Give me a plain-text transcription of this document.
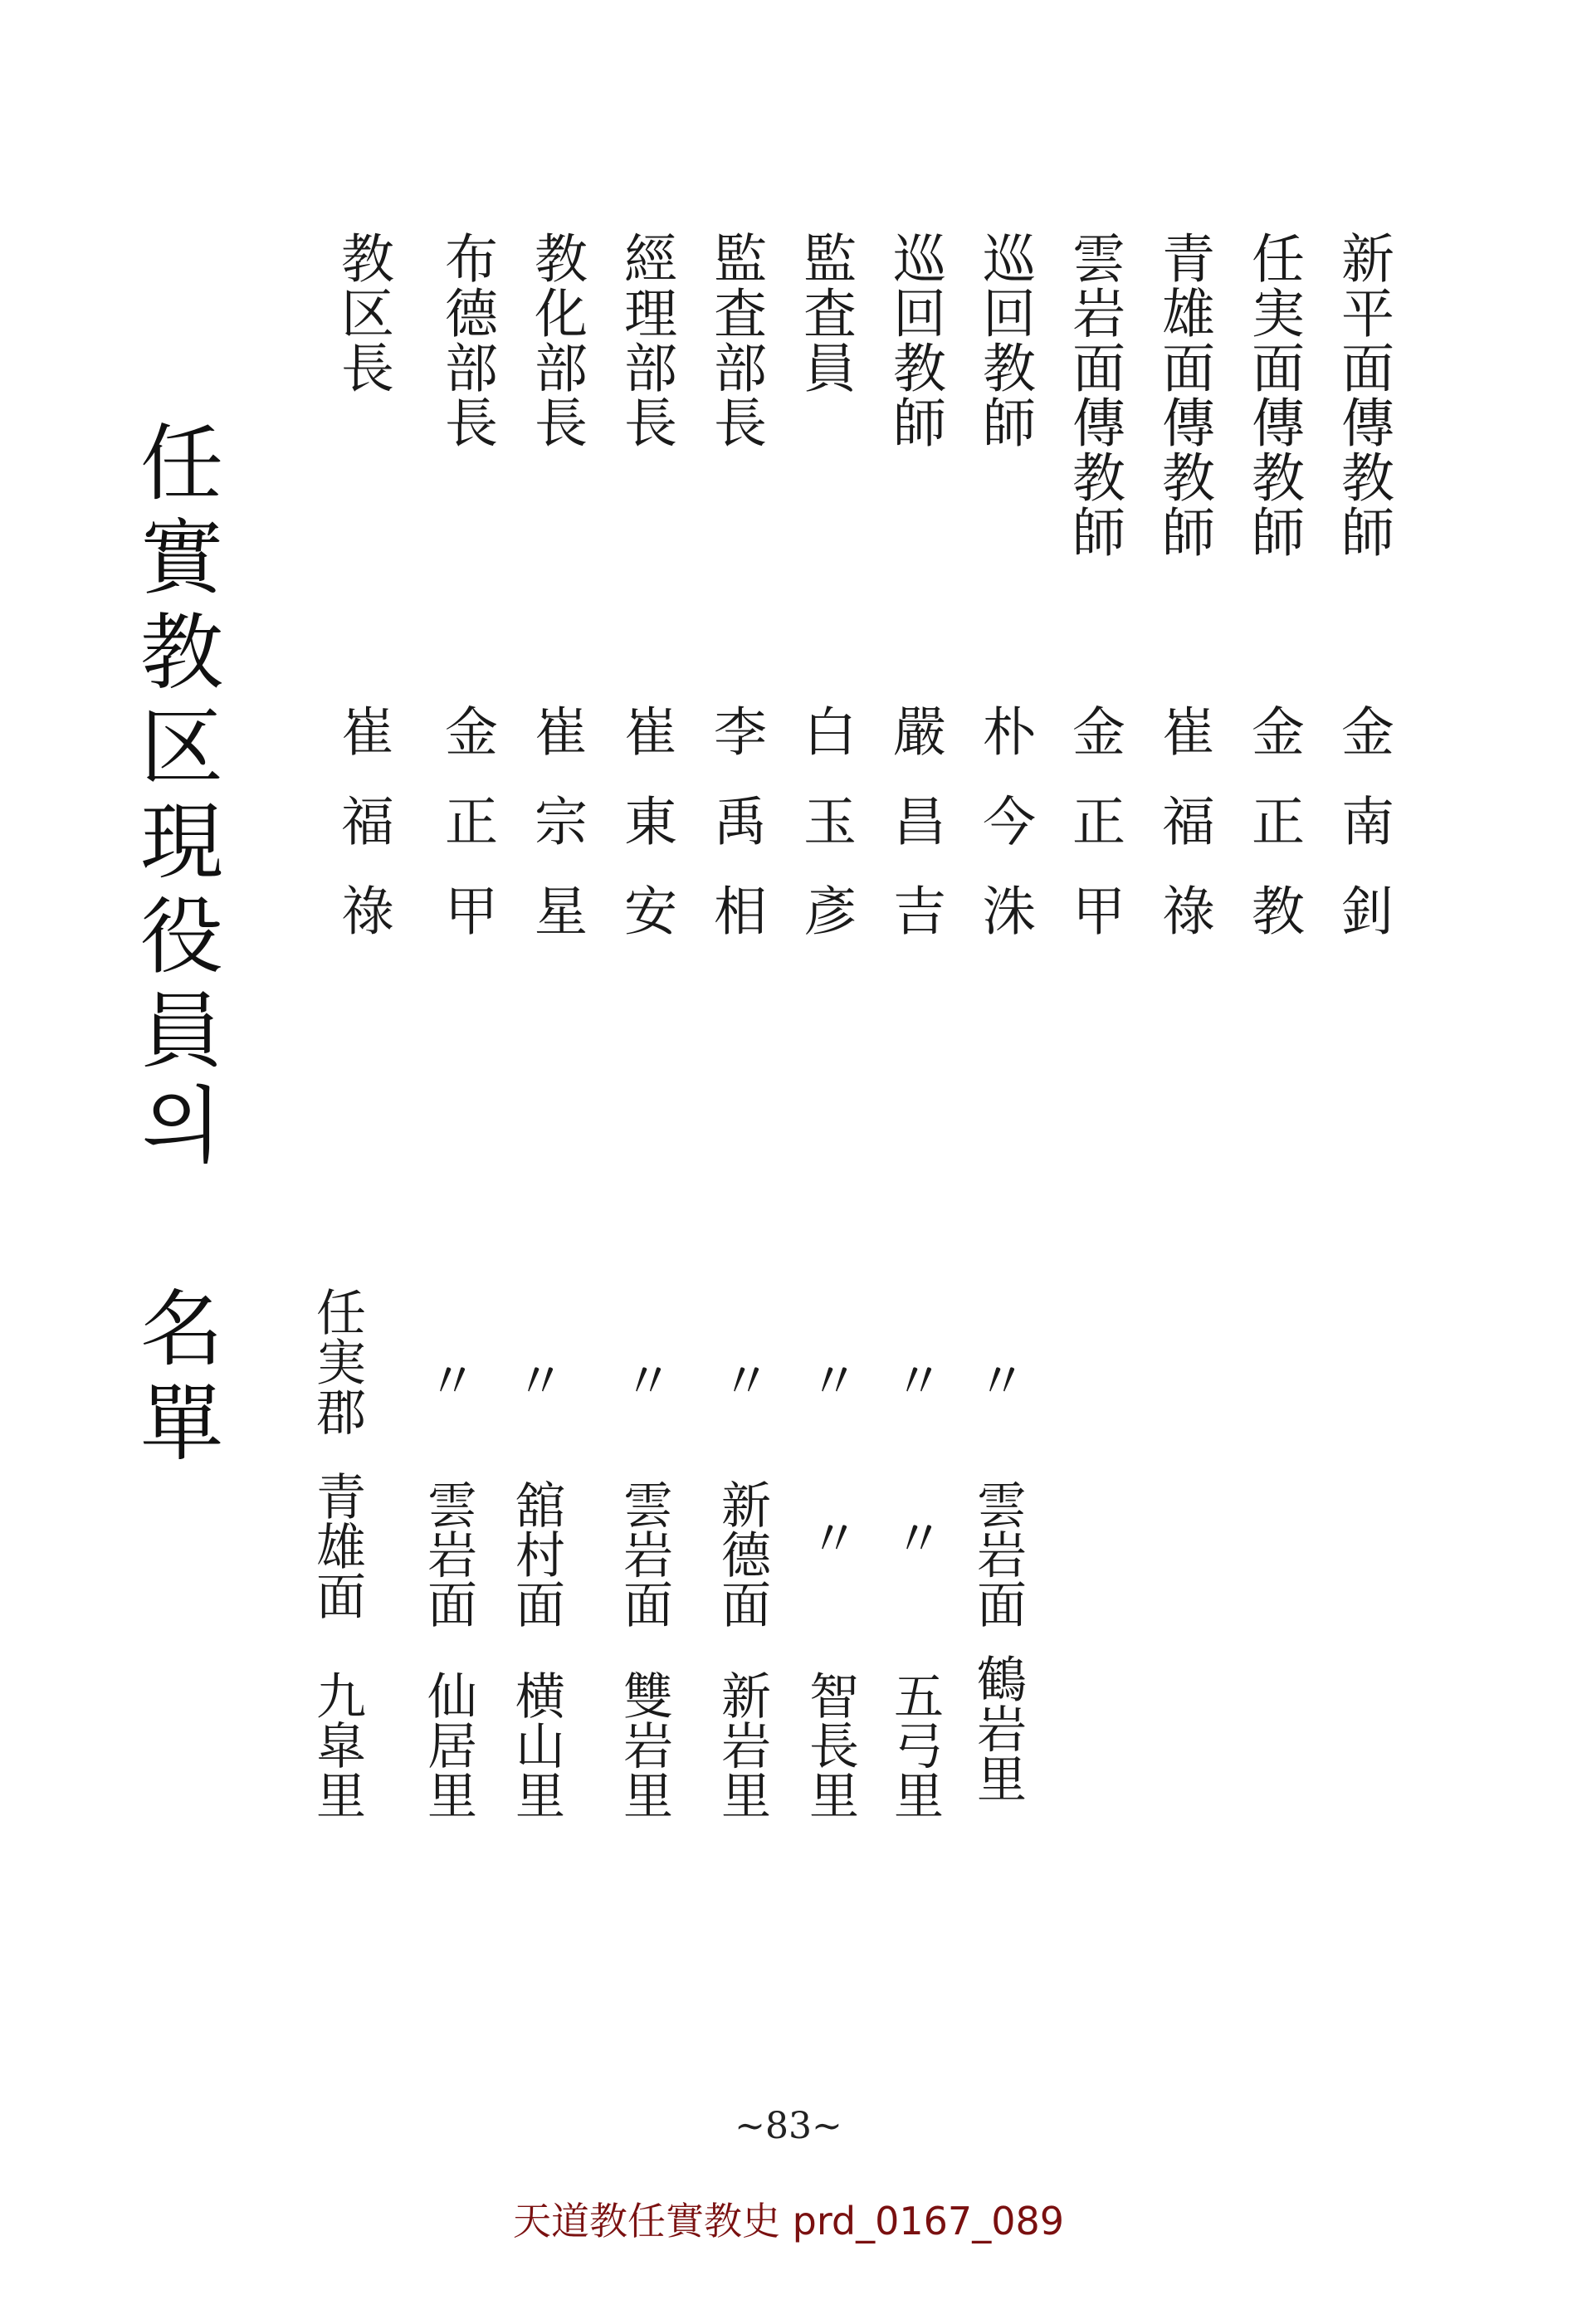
任實教区現役員의 名單
新平面傳教師
任実面傳教師
青雄面傳教師
雲岩面傳教師
巡回教師
巡回教師
監査員
監査部長
經理部長
教化部長
布德部長
教区長
金南釗
金正教
崔福祿
金正甲
朴今洙
嚴昌吉
白玉彥
李禹相
崔東安
崔宗星
金正甲
崔福祿
〃
〃
〃
〃
〃
〃
〃
任実郡
雲岩面
〃
〃
新德面
雲岩面
舘村面
雲岩面
青雄面
鶴岩里
五弓里
智長里
新岩里
雙岩里
横山里
仙居里
九皐里
~83~
天道教任實教史 prd_0167_089
